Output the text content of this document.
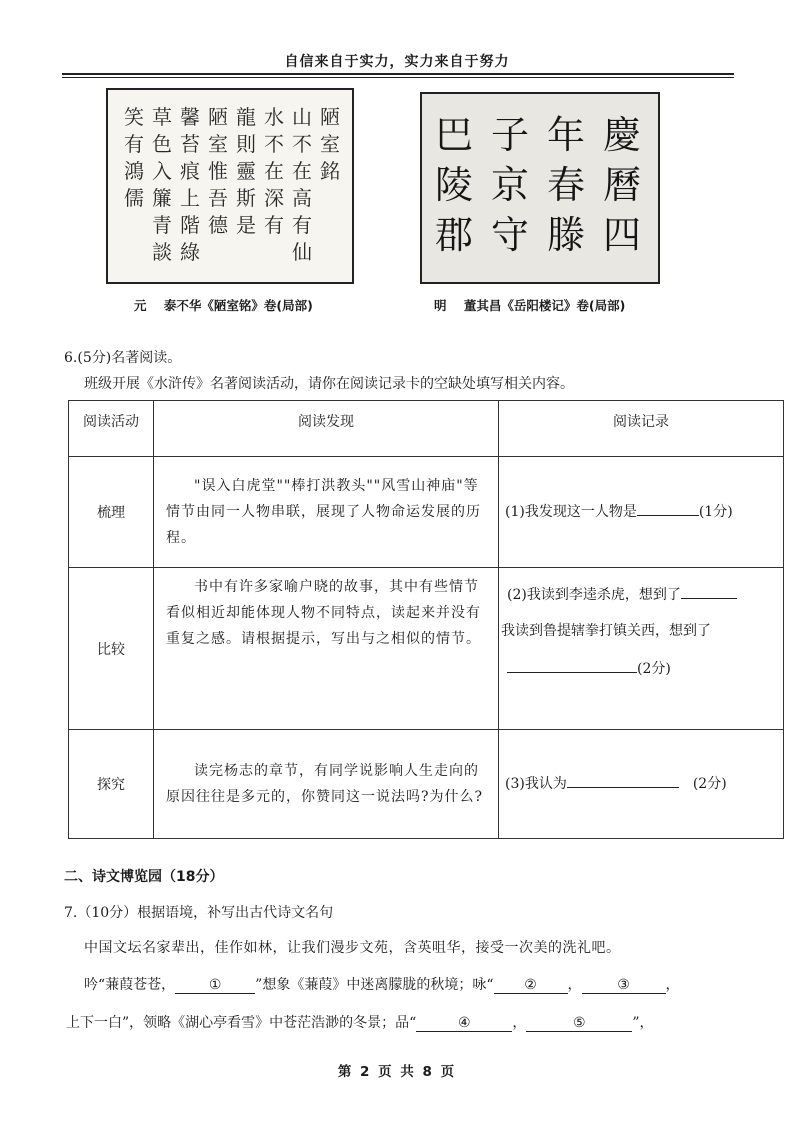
自信来自于实力，实力来自于努力
陋室銘
山不在高有仙
水不在深有
龍則靈斯是
陋室惟吾德
馨苔痕上階綠
草色入簾青談
笑有鴻儒
元    泰不华《陋室铭》卷(局部)
慶曆四
年春滕
子京守
巴陵郡
明    董其昌《岳阳楼记》卷(局部)
6.(5分)名著阅读。
班级开展《水浒传》名著阅读活动，请你在阅读记录卡的空缺处填写相关内容。
阅读活动	阅读发现	阅读记录

梳理	"误入白虎堂""棒打洪教头""风雪山神庙"等情节由同一人物串联，展现了人物命运发展的历程。	(1)我发现这一人物是 (1分)
比较	书中有许多家喻户晓的故事，其中有些情节看似相近却能体现人物不同特点，读起来并没有重复之感。请根据提示，写出与之相似的情节。	(2)我读到李逵杀虎，想到了
我读到鲁提辖拳打镇关西，想到了
(2分)

探究	读完杨志的章节，有同学说影响人生走向的原因往往是多元的，你赞同这一说法吗?为什么?	(3)我认为 (2分)
二、诗文博览园（18分）
7.（10分）根据语境，补写出古代诗文名句
中国文坛名家辈出，佳作如林，让我们漫步文苑，含英咀华，接受一次美的洗礼吧。
吟“蒹葭苍苍， ① ”想象《蒹葭》中迷离朦胧的秋境；咏“ ② ，	③	，
上下一白”，领略《湖心亭看雪》中苍茫浩渺的冬景；品“	④	，	⑤	”，
第 2 页 共 8 页
